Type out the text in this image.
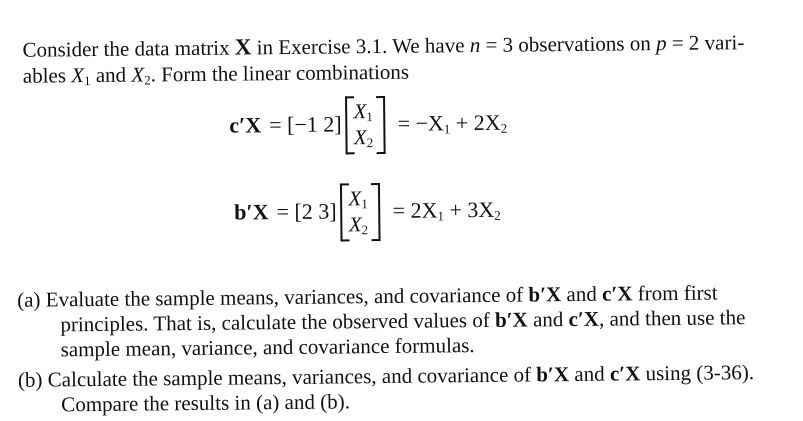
Consider the data matrix X in Exercise 3.1. We have n = 3 observations on p = 2 vari-
ables $X_1$ and $X_2$. Form the linear combinations
c′X = [−1 2]
$X_1$
$X_2$
= $-X_1 + 2X_2$
b′X = [2 3]
$X_1$
$X_2$
= $2X_1 + 3X_2$
(a) Evaluate the sample means, variances, and covariance of b′X and c′X from first
principles. That is, calculate the observed values of b′X and c′X, and then use the
sample mean, variance, and covariance formulas.
(b) Calculate the sample means, variances, and covariance of b′X and c′X using (3-36).
Compare the results in (a) and (b).
